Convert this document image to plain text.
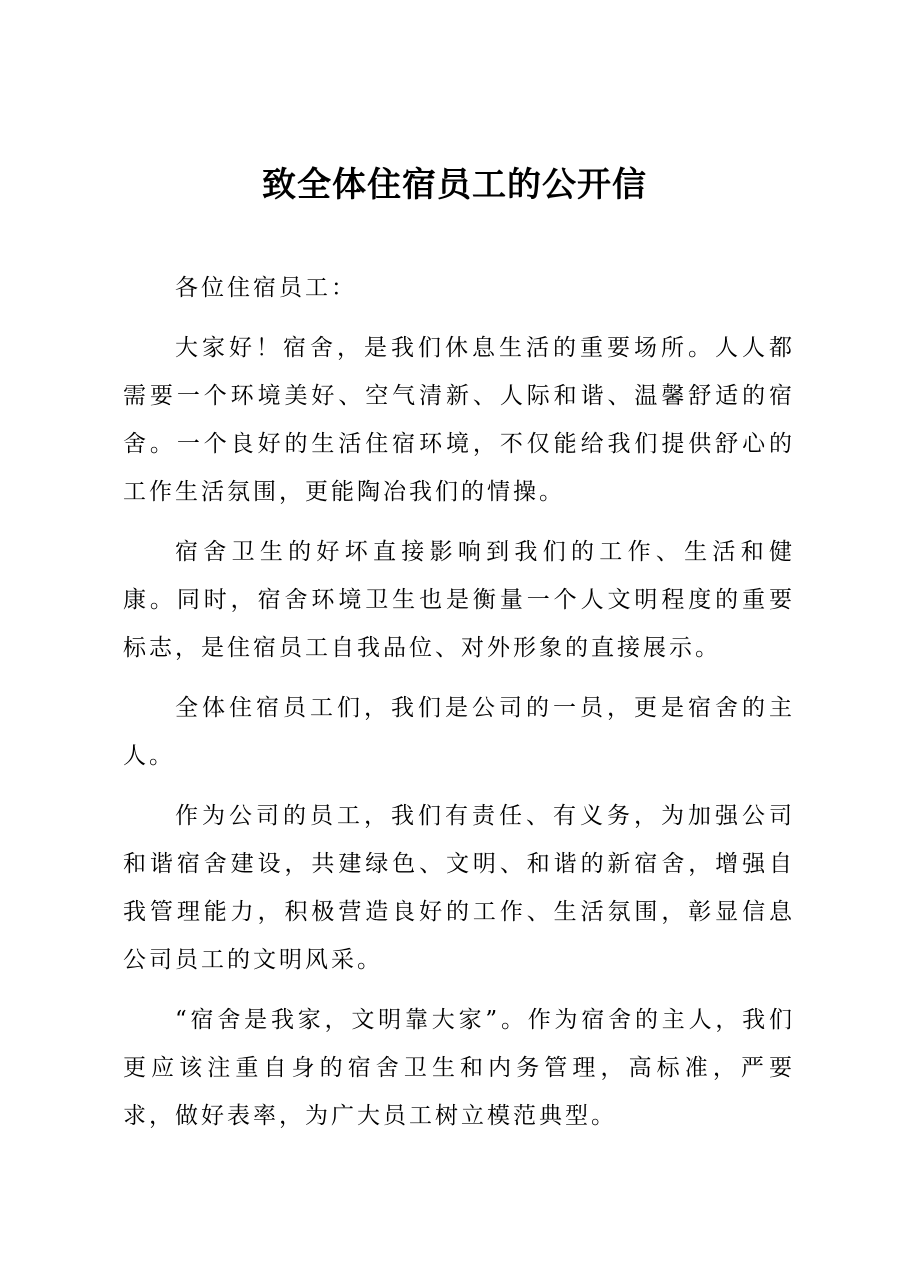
致全体住宿员工的公开信

各位住宿员工：

大家好！宿舍，是我们休息生活的重要场所。人人都需要一个环境美好、空气清新、人际和谐、温馨舒适的宿舍。一个良好的生活住宿环境，不仅能给我们提供舒心的工作生活氛围，更能陶冶我们的情操。

宿舍卫生的好坏直接影响到我们的工作、生活和健康。同时，宿舍环境卫生也是衡量一个人文明程度的重要标志，是住宿员工自我品位、对外形象的直接展示。

全体住宿员工们，我们是公司的一员，更是宿舍的主人。

作为公司的员工，我们有责任、有义务，为加强公司和谐宿舍建设，共建绿色、文明、和谐的新宿舍，增强自我管理能力，积极营造良好的工作、生活氛围，彰显信息公司员工的文明风采。

“宿舍是我家，文明靠大家”。作为宿舍的主人，我们更应该注重自身的宿舍卫生和内务管理，高标准，严要求，做好表率，为广大员工树立模范典型。
